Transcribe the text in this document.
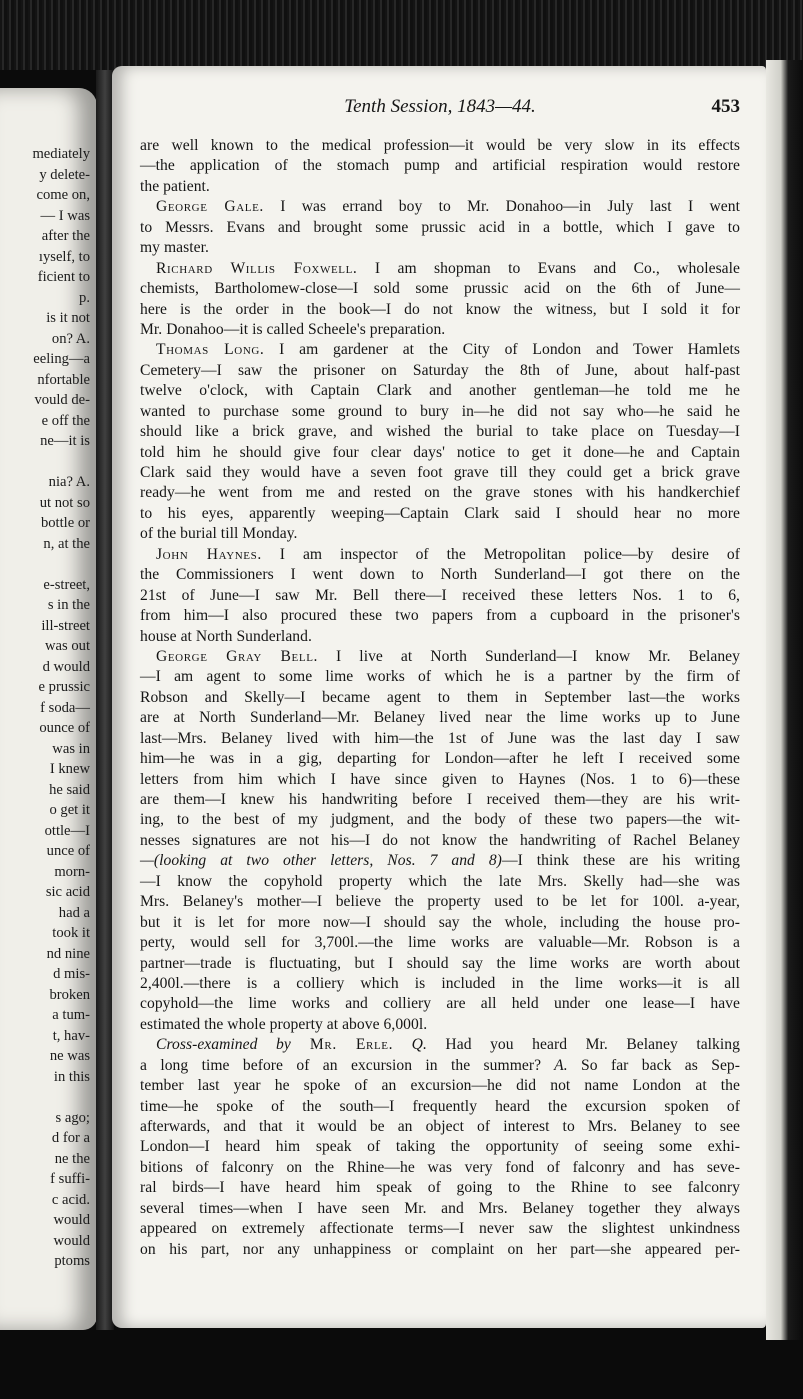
mediately
y delete-
come on,
— I was
after the
ıyself, to
ficient to
p.
is it not
on? A.
eeling—a
nfortable
vould de-
e off the
ne—it is
nia? A.
ut not so
bottle or
n, at the
e-street,
s in the
ill-street
was out
d would
e prussic
f soda—
ounce of
was in
I knew
he said
o get it
ottle—I
unce of
morn-
sic acid
had a
took it
nd nine
d mis-
broken
a tum-
t, hav-
ne was
in this
s ago;
d for a
ne the
f suffi-
c acid.
would
would
ptoms
Tenth Session, 1843—44.	453
are well known to the medical profession—it would be very slow in its effects
—the application of the stomach pump and artificial respiration would restore
the patient.
George Gale. I was errand boy to Mr. Donahoo—in July last I went
to Messrs. Evans and brought some prussic acid in a bottle, which I gave to
my master.
Richard Willis Foxwell. I am shopman to Evans and Co., wholesale
chemists, Bartholomew-close—I sold some prussic acid on the 6th of June—
here is the order in the book—I do not know the witness, but I sold it for
Mr. Donahoo—it is called Scheele's preparation.
Thomas Long. I am gardener at the City of London and Tower Hamlets
Cemetery—I saw the prisoner on Saturday the 8th of June, about half-past
twelve o'clock, with Captain Clark and another gentleman—he told me he
wanted to purchase some ground to bury in—he did not say who—he said he
should like a brick grave, and wished the burial to take place on Tuesday—I
told him he should give four clear days' notice to get it done—he and Captain
Clark said they would have a seven foot grave till they could get a brick grave
ready—he went from me and rested on the grave stones with his handkerchief
to his eyes, apparently weeping—Captain Clark said I should hear no more
of the burial till Monday.
John Haynes. I am inspector of the Metropolitan police—by desire of
the Commissioners I went down to North Sunderland—I got there on the
21st of June—I saw Mr. Bell there—I received these letters Nos. 1 to 6,
from him—I also procured these two papers from a cupboard in the prisoner's
house at North Sunderland.
George Gray Bell. I live at North Sunderland—I know Mr. Belaney
—I am agent to some lime works of which he is a partner by the firm of
Robson and Skelly—I became agent to them in September last—the works
are at North Sunderland—Mr. Belaney lived near the lime works up to June
last—Mrs. Belaney lived with him—the 1st of June was the last day I saw
him—he was in a gig, departing for London—after he left I received some
letters from him which I have since given to Haynes (Nos. 1 to 6)—these
are them—I knew his handwriting before I received them—they are his writ-
ing, to the best of my judgment, and the body of these two papers—the wit-
nesses signatures are not his—I do not know the handwriting of Rachel Belaney
—(looking at two other letters, Nos. 7 and 8)—I think these are his writing
—I know the copyhold property which the late Mrs. Skelly had—she was
Mrs. Belaney's mother—I believe the property used to be let for 100l. a-year,
but it is let for more now—I should say the whole, including the house pro-
perty, would sell for 3,700l.—the lime works are valuable—Mr. Robson is a
partner—trade is fluctuating, but I should say the lime works are worth about
2,400l.—there is a colliery which is included in the lime works—it is all
copyhold—the lime works and colliery are all held under one lease—I have
estimated the whole property at above 6,000l.
Cross-examined by Mr. Erle. Q. Had you heard Mr. Belaney talking
a long time before of an excursion in the summer? A. So far back as Sep-
tember last year he spoke of an excursion—he did not name London at the
time—he spoke of the south—I frequently heard the excursion spoken of
afterwards, and that it would be an object of interest to Mrs. Belaney to see
London—I heard him speak of taking the opportunity of seeing some exhi-
bitions of falconry on the Rhine—he was very fond of falconry and has seve-
ral birds—I have heard him speak of going to the Rhine to see falconry
several times—when I have seen Mr. and Mrs. Belaney together they always
appeared on extremely affectionate terms—I never saw the slightest unkindness
on his part, nor any unhappiness or complaint on her part—she appeared per-
